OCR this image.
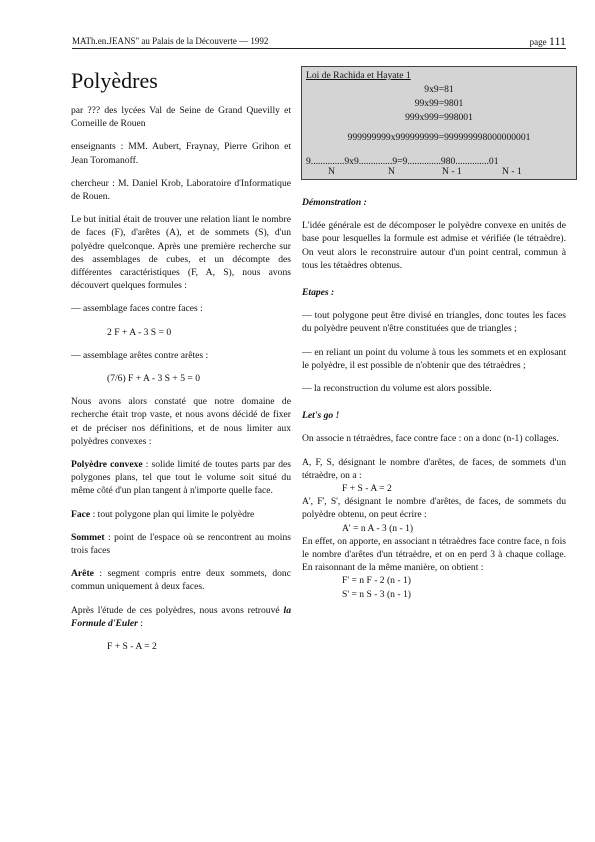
MATh.en.JEANS" au Palais de la Découverte — 1992	page 111
Polyèdres

par ??? des lycées Val de Seine de Grand Quevilly et Corneille de Rouen

enseignants : MM. Aubert, Fraynay, Pierre Grihon et Jean Toromanoff.

chercheur : M. Daniel Krob, Laboratoire d'Informatique de Rouen.

Le but initial était de trouver une relation liant le nombre de faces (F), d'arêtes (A), et de sommets (S), d'un polyèdre quelconque. Après une première recherche sur des assemblages de cubes, et un décompte des différentes caractéristiques (F, A, S), nous avons découvert quelques formules :

— assemblage faces contre faces :

2 F + A - 3 S = 0

— assemblage arêtes contre arêtes :

(7/6) F + A - 3 S + 5 = 0

Nous avons alors constaté que notre domaine de recherche était trop vaste, et nous avons décidé de fixer et de préciser nos définitions, et de nous limiter aux polyèdres convexes :

Polyèdre convexe : solide limité de toutes parts par des polygones plans, tel que tout le volume soit situé du même côté d'un plan tangent à n'importe quelle face.

Face : tout polygone plan qui limite le polyèdre

Sommet : point de l'espace où se rencontrent au moins trois faces

Arête : segment compris entre deux sommets, donc commun uniquement à deux faces.

Après l'étude de ces polyèdres, nous avons retrouvé la Formule d'Euler :

F + S - A = 2
Loi de Rachida et Hayate 1
9x9=81
99x99=9801
999x999=998001
999999999x999999999=999999998000000001
9..............9x9..............9=9..............980..............01
N	N	N - 1	N - 1
Démonstration :

L'idée générale est de décomposer le polyèdre convexe en unités de base pour lesquelles la formule est admise et vérifiée (le tétraèdre). On veut alors le reconstruire autour d'un point central, commun à tous les tétaèdres obtenus.

Etapes :

— tout polygone peut être divisé en triangles, donc toutes les faces du polyèdre peuvent n'être constituées que de triangles ;

— en reliant un point du volume à tous les sommets et en explosant le polyèdre, il est possible de n'obtenir que des tétraèdres ;

— la reconstruction du volume est alors possible.

Let's go !

On associe n tétraèdres, face contre face : on a donc (n-1) collages.

A, F, S, désignant le nombre d'arêtes, de faces, de sommets d'un tétraèdre, on a :

F + S - A = 2

A', F', S', désignant le nombre d'arêtes, de faces, de sommets du polyèdre obtenu, on peut écrire :

A' = n A - 3 (n - 1)

En effet, on apporte, en associant n tétraèdres face contre face, n fois le nombre d'arêtes d'un tétraèdre, et on en perd 3 à chaque collage. En raisonnant de la même manière, on obtient :

F' = n F - 2 (n - 1)
S' = n S - 3 (n - 1)
